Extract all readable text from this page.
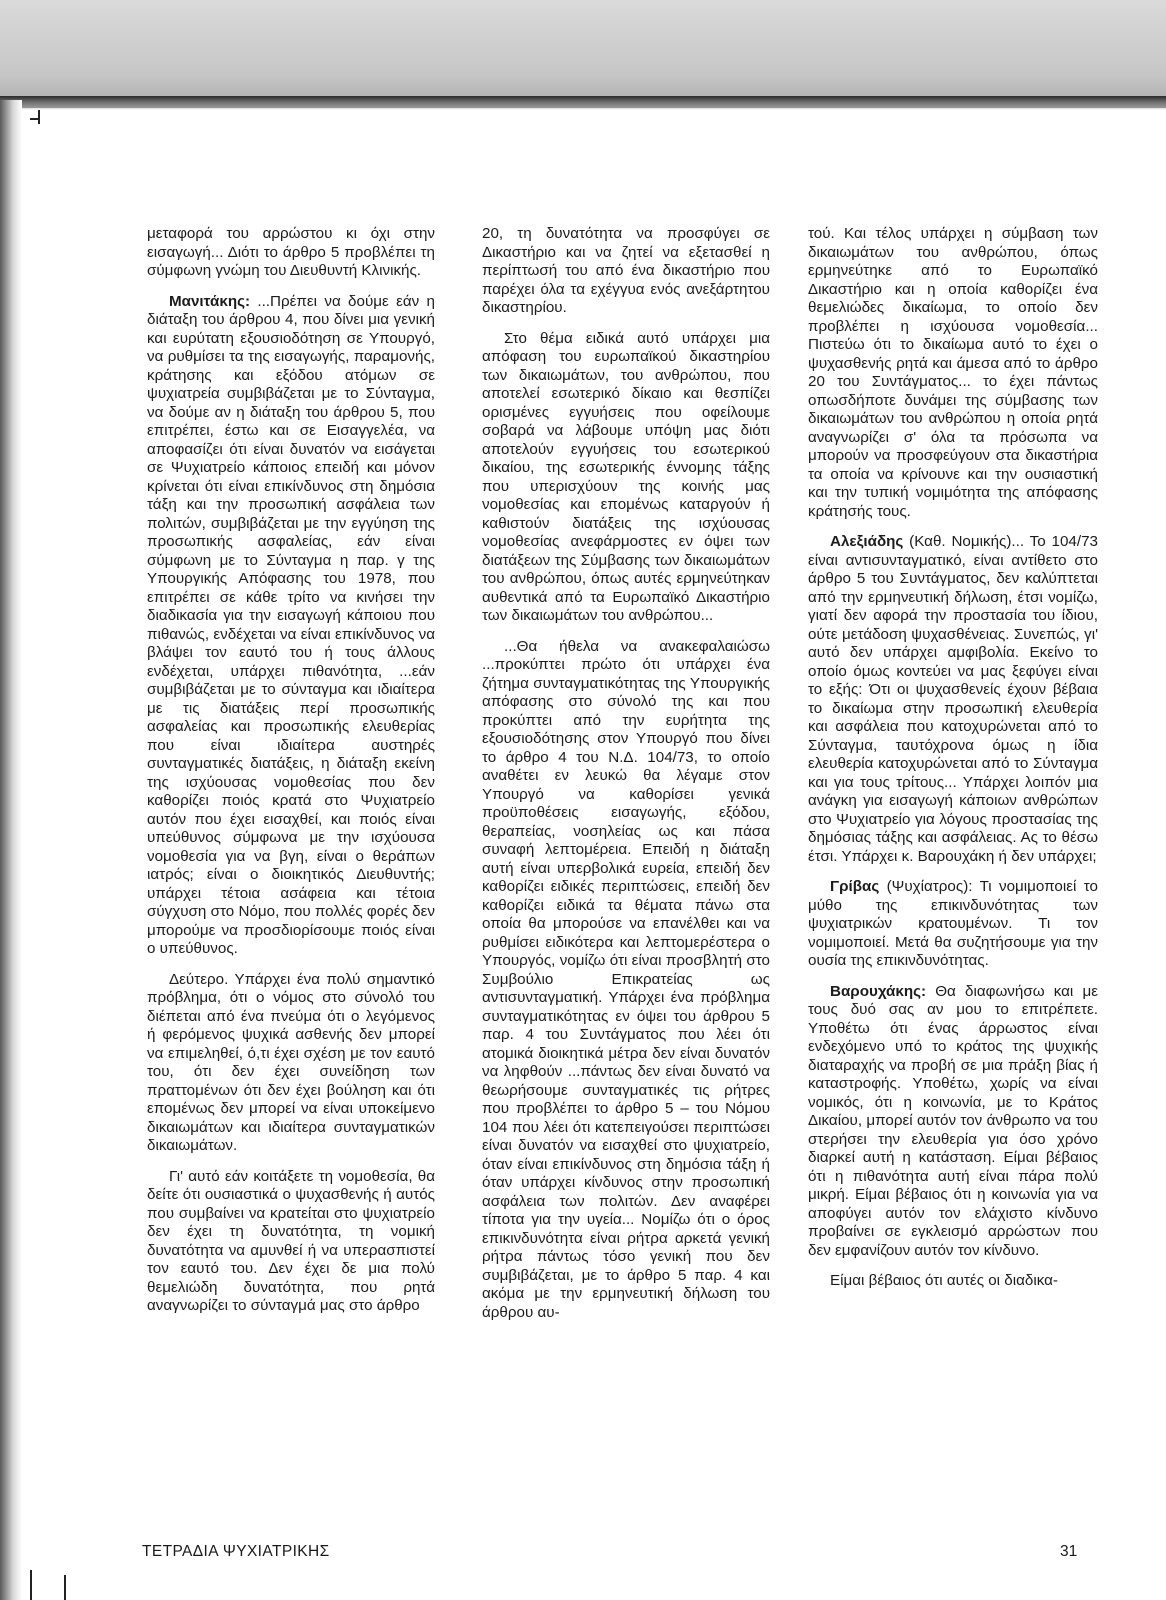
μεταφορά του αρρώστου κι όχι στην εισαγωγή... Διότι το άρθρο 5 προβλέπει τη σύμφωνη γνώμη του Διευθυντή Κλινικής.

Μανιτάκης: ...Πρέπει να δούμε εάν η διάταξη του άρθρου 4, που δίνει μια γενική και ευρύτατη εξουσιοδότηση σε Υπουργό, να ρυθμίσει τα της εισαγωγής, παραμονής, κράτησης και εξόδου ατόμων σε ψυχιατρεία συμβιβάζεται με το Σύνταγμα, να δούμε αν η διάταξη του άρθρου 5, που επιτρέπει, έστω και σε Εισαγγελέα, να αποφασίζει ότι είναι δυνατόν να εισάγεται σε Ψυχιατρείο κάποιος επειδή και μόνον κρίνεται ότι είναι επικίνδυνος στη δημόσια τάξη και την προσωπική ασφάλεια των πολιτών, συμβιβάζεται με την εγγύηση της προσωπικής ασφαλείας, εάν είναι σύμφωνη με το Σύνταγμα η παρ. γ της Υπουργικής Απόφασης του 1978, που επιτρέπει σε κάθε τρίτο να κινήσει την διαδικασία για την εισαγωγή κάποιου που πιθανώς, ενδέχεται να είναι επικίνδυνος να βλάψει τον εαυτό του ή τους άλλους ενδέχεται, υπάρχει πιθανότητα, ...εάν συμβιβάζεται με το σύνταγμα και ιδιαίτερα με τις διατάξεις περί προσωπικής ασφαλείας και προσωπικής ελευθερίας που είναι ιδιαίτερα αυστηρές συνταγματικές διατάξεις, η διάταξη εκείνη της ισχύουσας νομοθεσίας που δεν καθορίζει ποιός κρατά στο Ψυχιατρείο αυτόν που έχει εισαχθεί, και ποιός είναι υπεύθυνος σύμφωνα με την ισχύουσα νομοθεσία για να βγη, είναι ο θεράπων ιατρός; είναι ο διοικητικός Διευθυντής; υπάρχει τέτοια ασάφεια και τέτοια σύγχυση στο Νόμο, που πολλές φορές δεν μπορούμε να προσδιορίσουμε ποιός είναι ο υπεύθυνος.

Δεύτερο. Υπάρχει ένα πολύ σημαντικό πρόβλημα, ότι ο νόμος στο σύνολό του διέπεται από ένα πνεύμα ότι ο λεγόμενος ή φερόμενος ψυχικά ασθενής δεν μπορεί να επιμεληθεί, ό,τι έχει σχέση με τον εαυτό του, ότι δεν έχει συνείδηση των πραττομένων ότι δεν έχει βούληση και ότι επομένως δεν μπορεί να είναι υποκείμενο δικαιωμάτων και ιδιαίτερα συνταγματικών δικαιωμάτων.

Γι' αυτό εάν κοιτάξετε τη νομοθεσία, θα δείτε ότι ουσιαστικά ο ψυχασθενής ή αυτός που συμβαίνει να κρατείται στο ψυχιατρείο δεν έχει τη δυνατότητα, τη νομική δυνατότητα να αμυνθεί ή να υπερασπιστεί τον εαυτό του. Δεν έχει δε μια πολύ θεμελιώδη δυνατότητα, που ρητά αναγνωρίζει το σύνταγμά μας στο άρθρο

20, τη δυνατότητα να προσφύγει σε Δικαστήριο και να ζητεί να εξετασθεί η περίπτωσή του από ένα δικαστήριο που παρέχει όλα τα εχέγγυα ενός ανεξάρτητου δικαστηρίου.

Στο θέμα ειδικά αυτό υπάρχει μια απόφαση του ευρωπαϊκού δικαστηρίου των δικαιωμάτων, του ανθρώπου, που αποτελεί εσωτερικό δίκαιο και θεσπίζει ορισμένες εγγυήσεις που οφείλουμε σοβαρά να λάβουμε υπόψη μας διότι αποτελούν εγγυήσεις του εσωτερικού δικαίου, της εσωτερικής έννομης τάξης που υπερισχύουν της κοινής μας νομοθεσίας και επομένως καταργούν ή καθιστούν διατάξεις της ισχύουσας νομοθεσίας ανεφάρμοστες εν όψει των διατάξεων της Σύμβασης των δικαιωμάτων του ανθρώπου, όπως αυτές ερμηνεύτηκαν αυθεντικά από τα Ευρωπαϊκό Δικαστήριο των δικαιωμάτων του ανθρώπου...

...Θα ήθελα να ανακεφαλαιώσω ...προκύπτει πρώτο ότι υπάρχει ένα ζήτημα συνταγματικότητας της Υπουργικής απόφασης στο σύνολό της και που προκύπτει από την ευρήτητα της εξουσιοδότησης στον Υπουργό που δίνει το άρθρο 4 του Ν.Δ. 104/73, το οποίο αναθέτει εν λευκώ θα λέγαμε στον Υπουργό να καθορίσει γενικά προϋποθέσεις εισαγωγής, εξόδου, θεραπείας, νοσηλείας ως και πάσα συναφή λεπτομέρεια. Επειδή η διάταξη αυτή είναι υπερβολικά ευρεία, επειδή δεν καθορίζει ειδικές περιπτώσεις, επειδή δεν καθορίζει ειδικά τα θέματα πάνω στα οποία θα μπορούσε να επανέλθει και να ρυθμίσει ειδικότερα και λεπτομερέστερα ο Υπουργός, νομίζω ότι είναι προσβλητή στο Συμβούλιο Επικρατείας ως αντισυνταγματική. Υπάρχει ένα πρόβλημα συνταγματικότητας εν όψει του άρθρου 5 παρ. 4 του Συντάγματος που λέει ότι ατομικά διοικητικά μέτρα δεν είναι δυνατόν να ληφθούν ...πάντως δεν είναι δυνατό να θεωρήσουμε συνταγματικές τις ρήτρες που προβλέπει το άρθρο 5 – του Νόμου 104 που λέει ότι κατεπειγούσει περιπτώσει είναι δυνατόν να εισαχθεί στο ψυχιατρείο, όταν είναι επικίνδυνος στη δημόσια τάξη ή όταν υπάρχει κίνδυνος στην προσωπική ασφάλεια των πολιτών. Δεν αναφέρει τίποτα για την υγεία... Νομίζω ότι ο όρος επικινδυνότητα είναι ρήτρα αρκετά γενική ρήτρα πάντως τόσο γενική που δεν συμβιβάζεται, με το άρθρο 5 παρ. 4 και ακόμα με την ερμηνευτική δήλωση του άρθρου αυ-

τού. Και τέλος υπάρχει η σύμβαση των δικαιωμάτων του ανθρώπου, όπως ερμηνεύτηκε από το Ευρωπαϊκό Δικαστήριο και η οποία καθορίζει ένα θεμελιώδες δικαίωμα, το οποίο δεν προβλέπει η ισχύουσα νομοθεσία... Πιστεύω ότι το δικαίωμα αυτό το έχει ο ψυχασθενής ρητά και άμεσα από το άρθρο 20 του Συντάγματος... το έχει πάντως οπωσδήποτε δυνάμει της σύμβασης των δικαιωμάτων του ανθρώπου η οποία ρητά αναγνωρίζει σ' όλα τα πρόσωπα να μπορούν να προσφεύγουν στα δικαστήρια τα οποία να κρίνουνε και την ουσιαστική και την τυπική νομιμότητα της απόφασης κράτησής τους.

Αλεξιάδης (Καθ. Νομικής)... Το 104/73 είναι αντισυνταγματικό, είναι αντίθετο στο άρθρο 5 του Συντάγματος, δεν καλύπτεται από την ερμηνευτική δήλωση, έτσι νομίζω, γιατί δεν αφορά την προστασία του ίδιου, ούτε μετάδοση ψυχασθένειας. Συνεπώς, γι' αυτό δεν υπάρχει αμφιβολία. Εκείνο το οποίο όμως κοντεύει να μας ξεφύγει είναι το εξής: Ότι οι ψυχασθενείς έχουν βέβαια το δικαίωμα στην προσωπική ελευθερία και ασφάλεια που κατοχυρώνεται από το Σύνταγμα, ταυτόχρονα όμως η ίδια ελευθερία κατοχυρώνεται από το Σύνταγμα και για τους τρίτους... Υπάρχει λοιπόν μια ανάγκη για εισαγωγή κάποιων ανθρώπων στο Ψυχιατρείο για λόγους προστασίας της δημόσιας τάξης και ασφάλειας. Ας το θέσω έτσι. Υπάρχει κ. Βαρουχάκη ή δεν υπάρχει;

Γρίβας (Ψυχίατρος): Τι νομιμοποιεί το μύθο της επικινδυνότητας των ψυχιατρικών κρατουμένων. Τι τον νομιμοποιεί. Μετά θα συζητήσουμε για την ουσία της επικινδυνότητας.

Βαρουχάκης: Θα διαφωνήσω και με τους δυό σας αν μου το επιτρέπετε. Υποθέτω ότι ένας άρρωστος είναι ενδεχόμενο υπό το κράτος της ψυχικής διαταραχής να προβή σε μια πράξη βίας ή καταστροφής. Υποθέτω, χωρίς να είναι νομικός, ότι η κοινωνία, με το Κράτος Δικαίου, μπορεί αυτόν τον άνθρωπο να του στερήσει την ελευθερία για όσο χρόνο διαρκεί αυτή η κατάσταση. Είμαι βέβαιος ότι η πιθανότητα αυτή είναι πάρα πολύ μικρή. Είμαι βέβαιος ότι η κοινωνία για να αποφύγει αυτόν τον ελάχιστο κίνδυνο προβαίνει σε εγκλεισμό αρρώστων που δεν εμφανίζουν αυτόν τον κίνδυνο.

Είμαι βέβαιος ότι αυτές οι διαδικα-

ΤΕΤΡΑΔΙΑ ΨΥΧΙΑΤΡΙΚΗΣ	31
